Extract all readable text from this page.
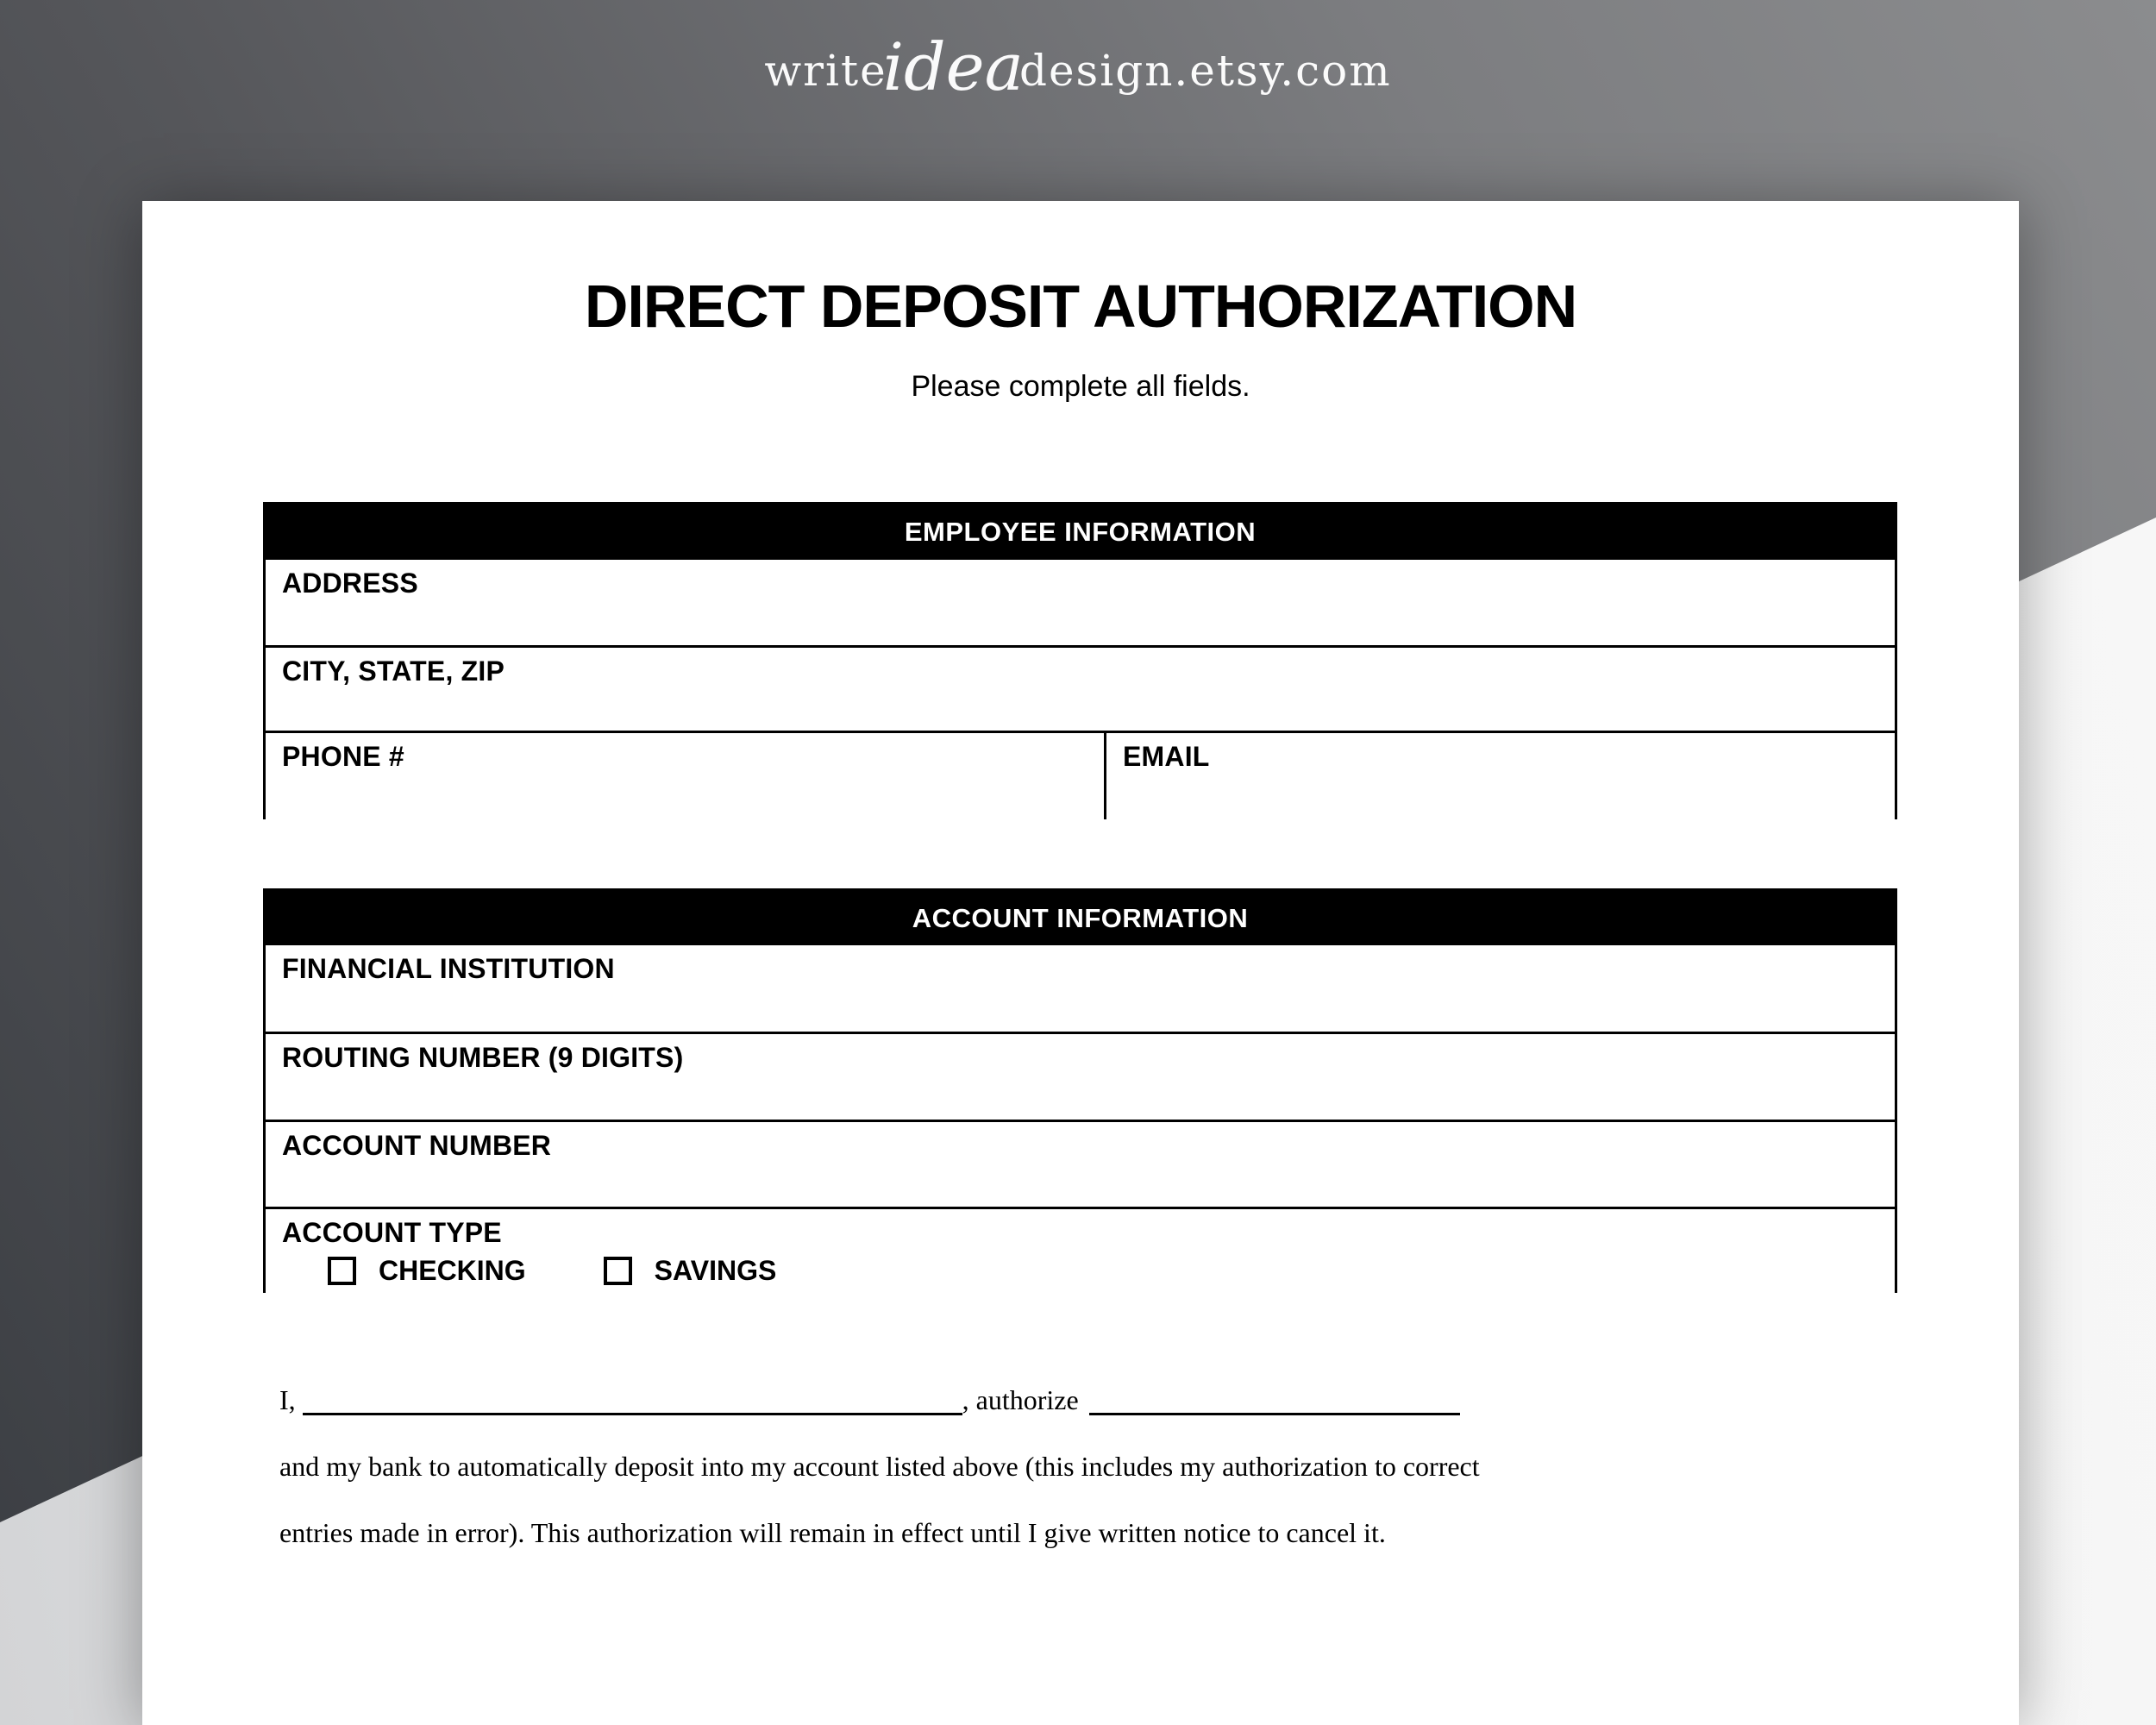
writeideadesign.etsy.com
DIRECT DEPOSIT AUTHORIZATION
Please complete all fields.
EMPLOYEE INFORMATION
ADDRESS
CITY, STATE, ZIP
PHONE #	EMAIL
ACCOUNT INFORMATION
FINANCIAL INSTITUTION
ROUTING NUMBER (9 DIGITS)
ACCOUNT NUMBER
ACCOUNT TYPE
CHECKING	SAVINGS
I,	, authorize
and my bank to automatically deposit into my account listed above (this includes my authorization to correct
entries made in error). This authorization will remain in effect until I give written notice to cancel it.
